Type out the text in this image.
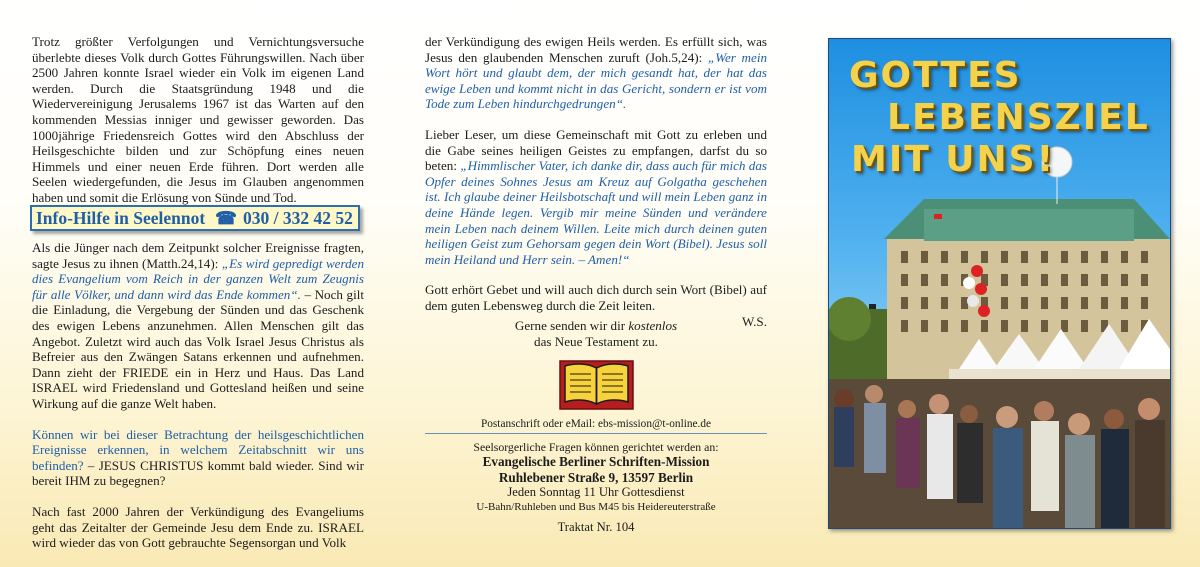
Trotz größter Verfolgungen und Vernichtungsversuche überlebte dieses Volk durch Gottes Führungswillen. Nach über 2500 Jahren konnte Israel wieder ein Volk im eigenen Land werden. Durch die Staatsgründung 1948 und die Wiedervereinigung Jerusalems 1967 ist das Warten auf den kommenden Messias inniger und gewisser geworden. Das 1000jährige Friedensreich Gottes wird den Abschluss der Heilsgeschichte bilden und zur Schöpfung eines neuen Himmels und einer neuen Erde führen. Dort werden alle Seelen wiedergefunden, die Jesus im Glauben angenommen haben und somit die Erlösung von Sünde und Tod.

Info-Hilfe in Seelennot ☎ 030 / 332 42 52

Als die Jünger nach dem Zeitpunkt solcher Ereignisse fragten, sagte Jesus zu ihnen (Matth.24,14): „Es wird gepredigt werden dies Evangelium vom Reich in der ganzen Welt zum Zeugnis für alle Völker, und dann wird das Ende kommen“. – Noch gilt die Einladung, die Vergebung der Sünden und das Geschenk des ewigen Lebens anzunehmen. Allen Menschen gilt das Angebot. Zuletzt wird auch das Volk Israel Jesus Christus als Befreier aus den Zwängen Satans erkennen und aufnehmen. Dann zieht der FRIEDE ein in Herz und Haus. Das Land ISRAEL wird Friedensland und Gottesland heißen und seine Wirkung auf die ganze Welt haben.

Können wir bei dieser Betrachtung der heilsgeschichtlichen Ereignisse erkennen, in welchem Zeitabschnitt wir uns befinden? – JESUS CHRISTUS kommt bald wieder. Sind wir bereit IHM zu begegnen?

Nach fast 2000 Jahren der Verkündigung des Evangeliums geht das Zeitalter der Gemeinde Jesu dem Ende zu. ISRAEL wird wieder das von Gott gebrauchte Segensorgan und Volk

der Verkündigung des ewigen Heils werden. Es erfüllt sich, was Jesus den glaubenden Menschen zuruft (Joh.5,24): „Wer mein Wort hört und glaubt dem, der mich gesandt hat, der hat das ewige Leben und kommt nicht in das Gericht, sondern er ist vom Tode zum Leben hindurchgedrungen“.

Lieber Leser, um diese Gemeinschaft mit Gott zu erleben und die Gabe seines heiligen Geistes zu empfangen, darfst du so beten: „Himmlischer Vater, ich danke dir, dass auch für mich das Opfer deines Sohnes Jesus am Kreuz auf Golgatha geschehen ist. Ich glaube deiner Heilsbotschaft und will mein Leben ganz in deine Hände legen. Vergib mir meine Sünden und verändere mein Leben nach deinem Willen. Leite mich durch deinen guten heiligen Geist zum Gehorsam gegen dein Wort (Bibel). Jesus soll mein Heiland und Herr sein. – Amen!“

Gott erhört Gebet und will auch dich durch sein Wort (Bibel) auf dem guten Lebensweg durch die Zeit leiten.

W.S.

Gerne senden wir dir kostenlos

das Neue Testament zu.

Postanschrift oder eMail: ebs-mission@t-online.de

Seelsorgerliche Fragen können gerichtet werden an:

Evangelische Berliner Schriften-Mission

Ruhlebener Straße 9, 13597 Berlin

Jeden Sonntag 11 Uhr Gottesdienst

U-Bahn/Ruhleben und Bus M45 bis Heidereuterstraße

Traktat Nr. 104

GOTTES
LEBENSZIEL
MIT UNS!
